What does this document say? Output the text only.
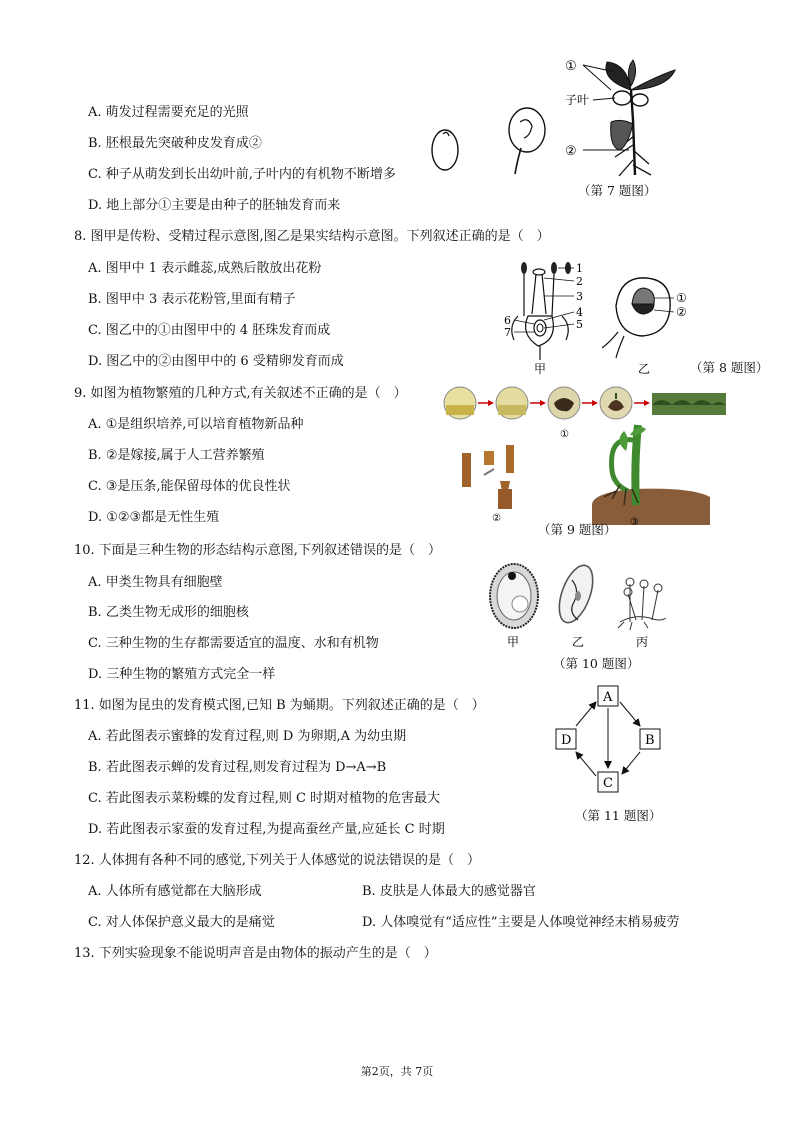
A. 萌发过程需要充足的光照
B. 胚根最先突破种皮发育成②
C. 种子从萌发到长出幼叶前,子叶内的有机物不断增多
D. 地上部分①主要是由种子的胚轴发育而来
①
子叶
②
（第 7 题图）
8. 图甲是传粉、受精过程示意图,图乙是果实结构示意图。下列叙述正确的是（　）
A. 图甲中 1 表示雌蕊,成熟后散放出花粉
B. 图甲中 3 表示花粉管,里面有精子
C. 图乙中的①由图甲中的 4 胚珠发育而成
D. 图乙中的②由图甲中的 6 受精卵发育而成
1
2
3
4
5
6
7
甲
①
②
乙	（第 8 题图）
9. 如图为植物繁殖的几种方式,有关叙述不正确的是（　）
A. ①是组织培养,可以培育植物新品种
B. ②是嫁接,属于人工营养繁殖
C. ③是压条,能保留母体的优良性状
D. ①②③都是无性生殖
①
②	③
（第 9 题图）
10. 下面是三种生物的形态结构示意图,下列叙述错误的是（　）
A. 甲类生物具有细胞壁
B. 乙类生物无成形的细胞核
C. 三种生物的生存都需要适宜的温度、水和有机物
D. 三种生物的繁殖方式完全一样
甲	乙	丙
（第 10 题图）
11. 如图为昆虫的发育模式图,已知 B 为蛹期。下列叙述正确的是（　）
A. 若此图表示蜜蜂的发育过程,则 D 为卵期,A 为幼虫期
B. 若此图表示蝉的发育过程,则发育过程为 D→A→B
C. 若此图表示菜粉蝶的发育过程,则 C 时期对植物的危害最大
D. 若此图表示家蚕的发育过程,为提高蚕丝产量,应延长 C 时期
A
B
C
D
（第 11 题图）
12. 人体拥有各种不同的感觉,下列关于人体感觉的说法错误的是（　）
A. 人体所有感觉都在大脑形成	B. 皮肤是人体最大的感觉器官
C. 对人体保护意义最大的是痛觉	D. 人体嗅觉有“适应性”主要是人体嗅觉神经末梢易疲劳
13. 下列实验现象不能说明声音是由物体的振动产生的是（　）
第2页，共 7页
